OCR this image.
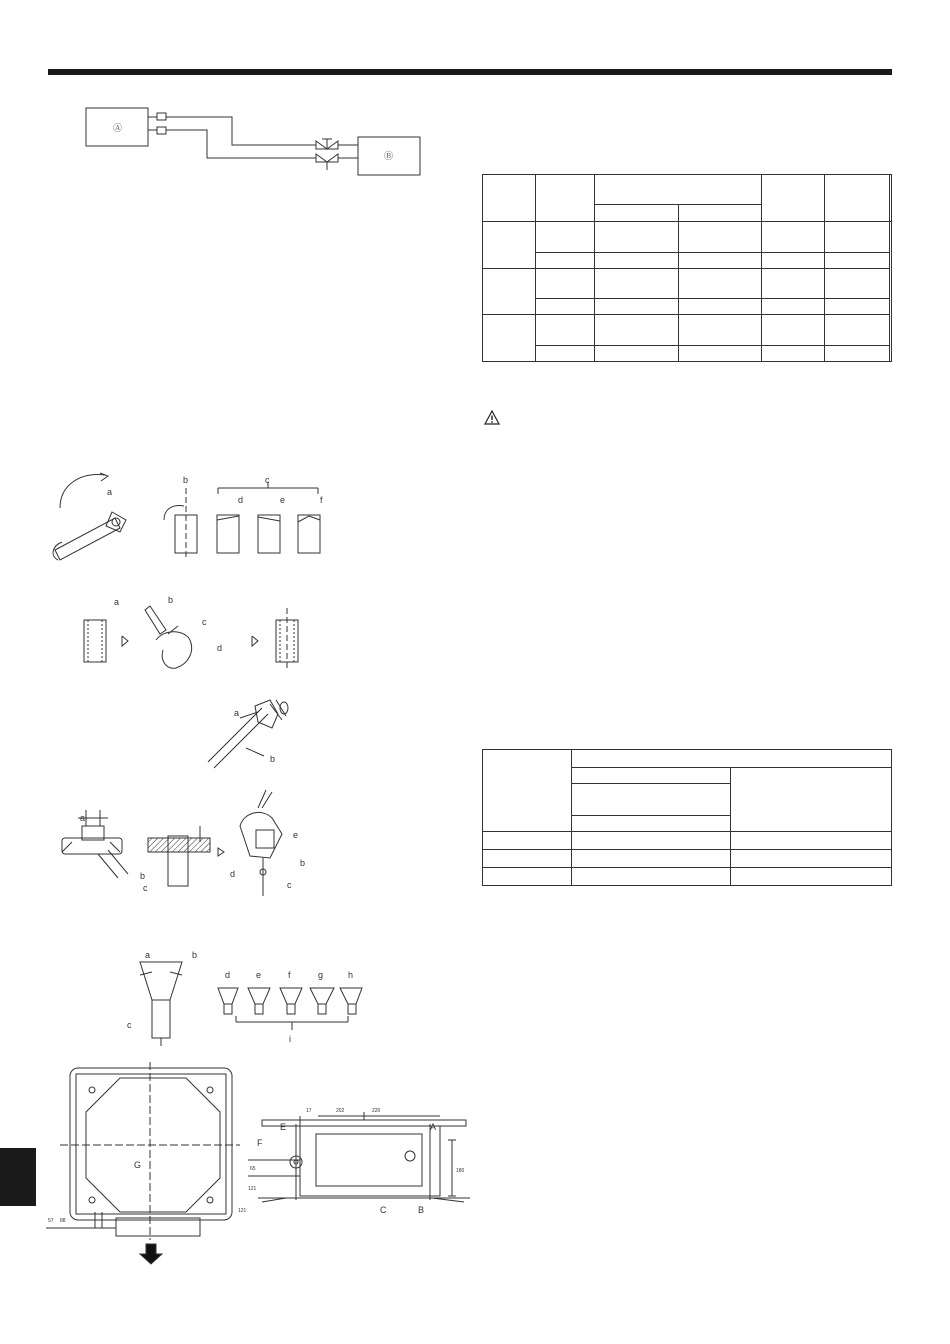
Ⓐ
Ⓑ
a
b	c
d	e	f
a	b
c
d
a
b
a
b
c
d
e
b
c
a	b
c
d	e	f	g	h
i
G
E
F
A
C	B
202	220
17
65
121
180
121
57 88
